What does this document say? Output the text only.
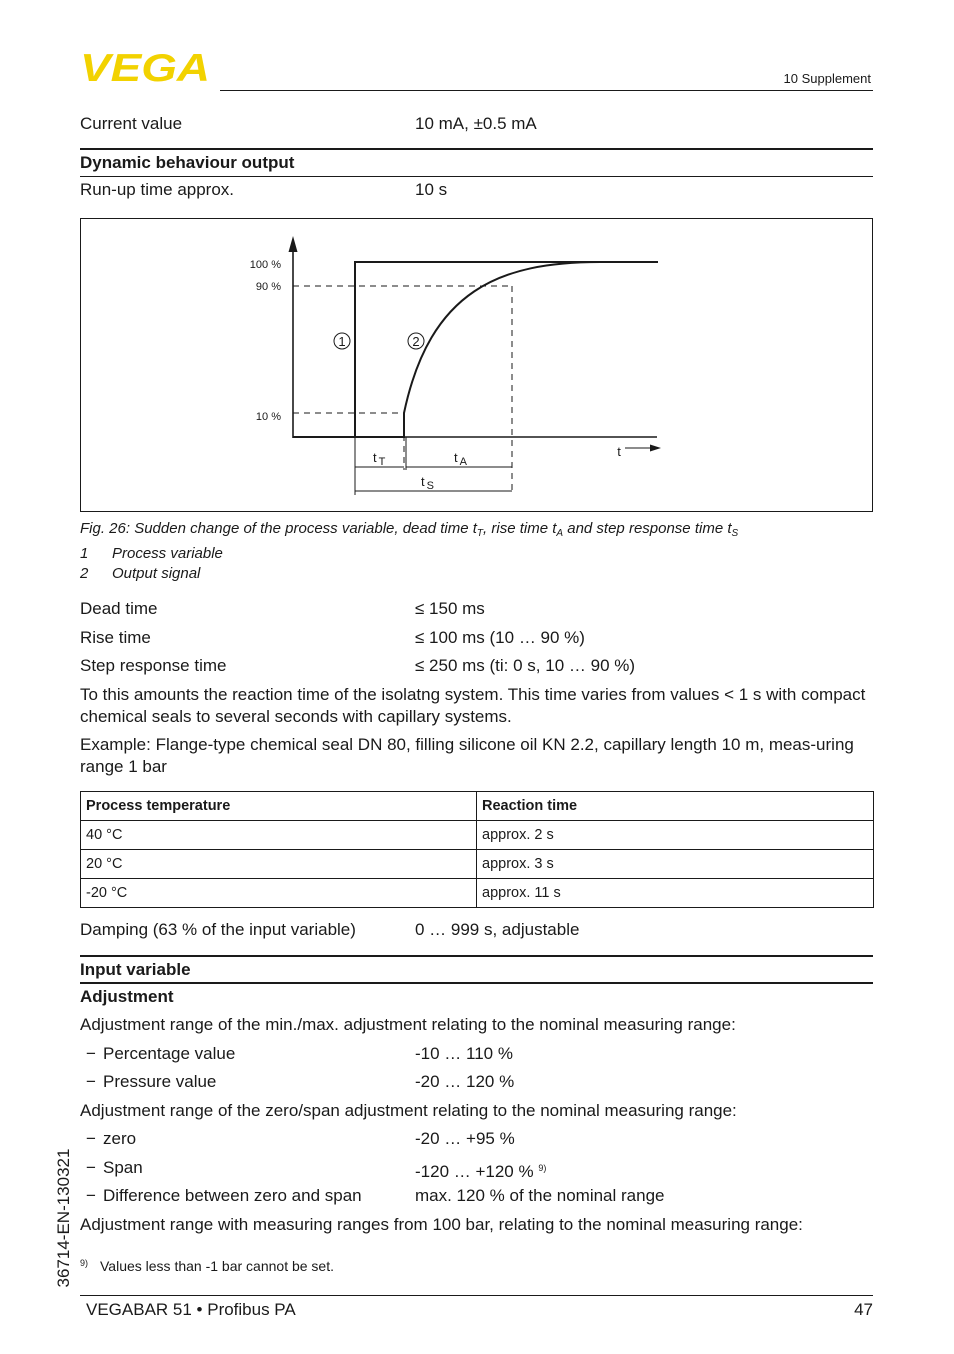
VEGA	10 Supplement
Current value	10 mA, ±0.5 mA
Dynamic behaviour output
Run-up time approx.	10 s
100 %
90 %
10 %
1	2
t
t $_T$	t $_A$
t $_S$
Fig. 26: Sudden change of the process variable, dead time $t_T$, rise time $t_A$ and step response time $t_S$
1 Process variable
2 Output signal
Dead time	≤ 150 ms
Rise time	≤ 100 ms (10 … 90 %)
Step response time	≤ 250 ms (ti: 0 s, 10 … 90 %)
To this amounts the reaction time of the isolatng system. This time varies from values < 1 s with compact chemical seals to several seconds with capillary systems.
Example: Flange-type chemical seal DN 80, filling silicone oil KN 2.2, capillary length 10 m, meas-uring range 1 bar
Process temperature	Reaction time
40 °C	approx. 2 s
20 °C	approx. 3 s
-20 °C	approx. 11 s
Damping (63 % of the input variable)	0 … 999 s, adjustable
Input variable
Adjustment
Adjustment range of the min./max. adjustment relating to the nominal measuring range:
− Percentage value	-10 … 110 %
− Pressure value	-20 … 120 %
Adjustment range of the zero/span adjustment relating to the nominal measuring range:
− zero	-20 … +95 %
− Span	-120 … +120 % $^{9)}$
− Difference between zero and span	max. 120 % of the nominal range
Adjustment range with measuring ranges from 100 bar, relating to the nominal measuring range:
9) Values less than -1 bar cannot be set.
36714-EN-130321
VEGABAR 51 • Profibus PA	47
